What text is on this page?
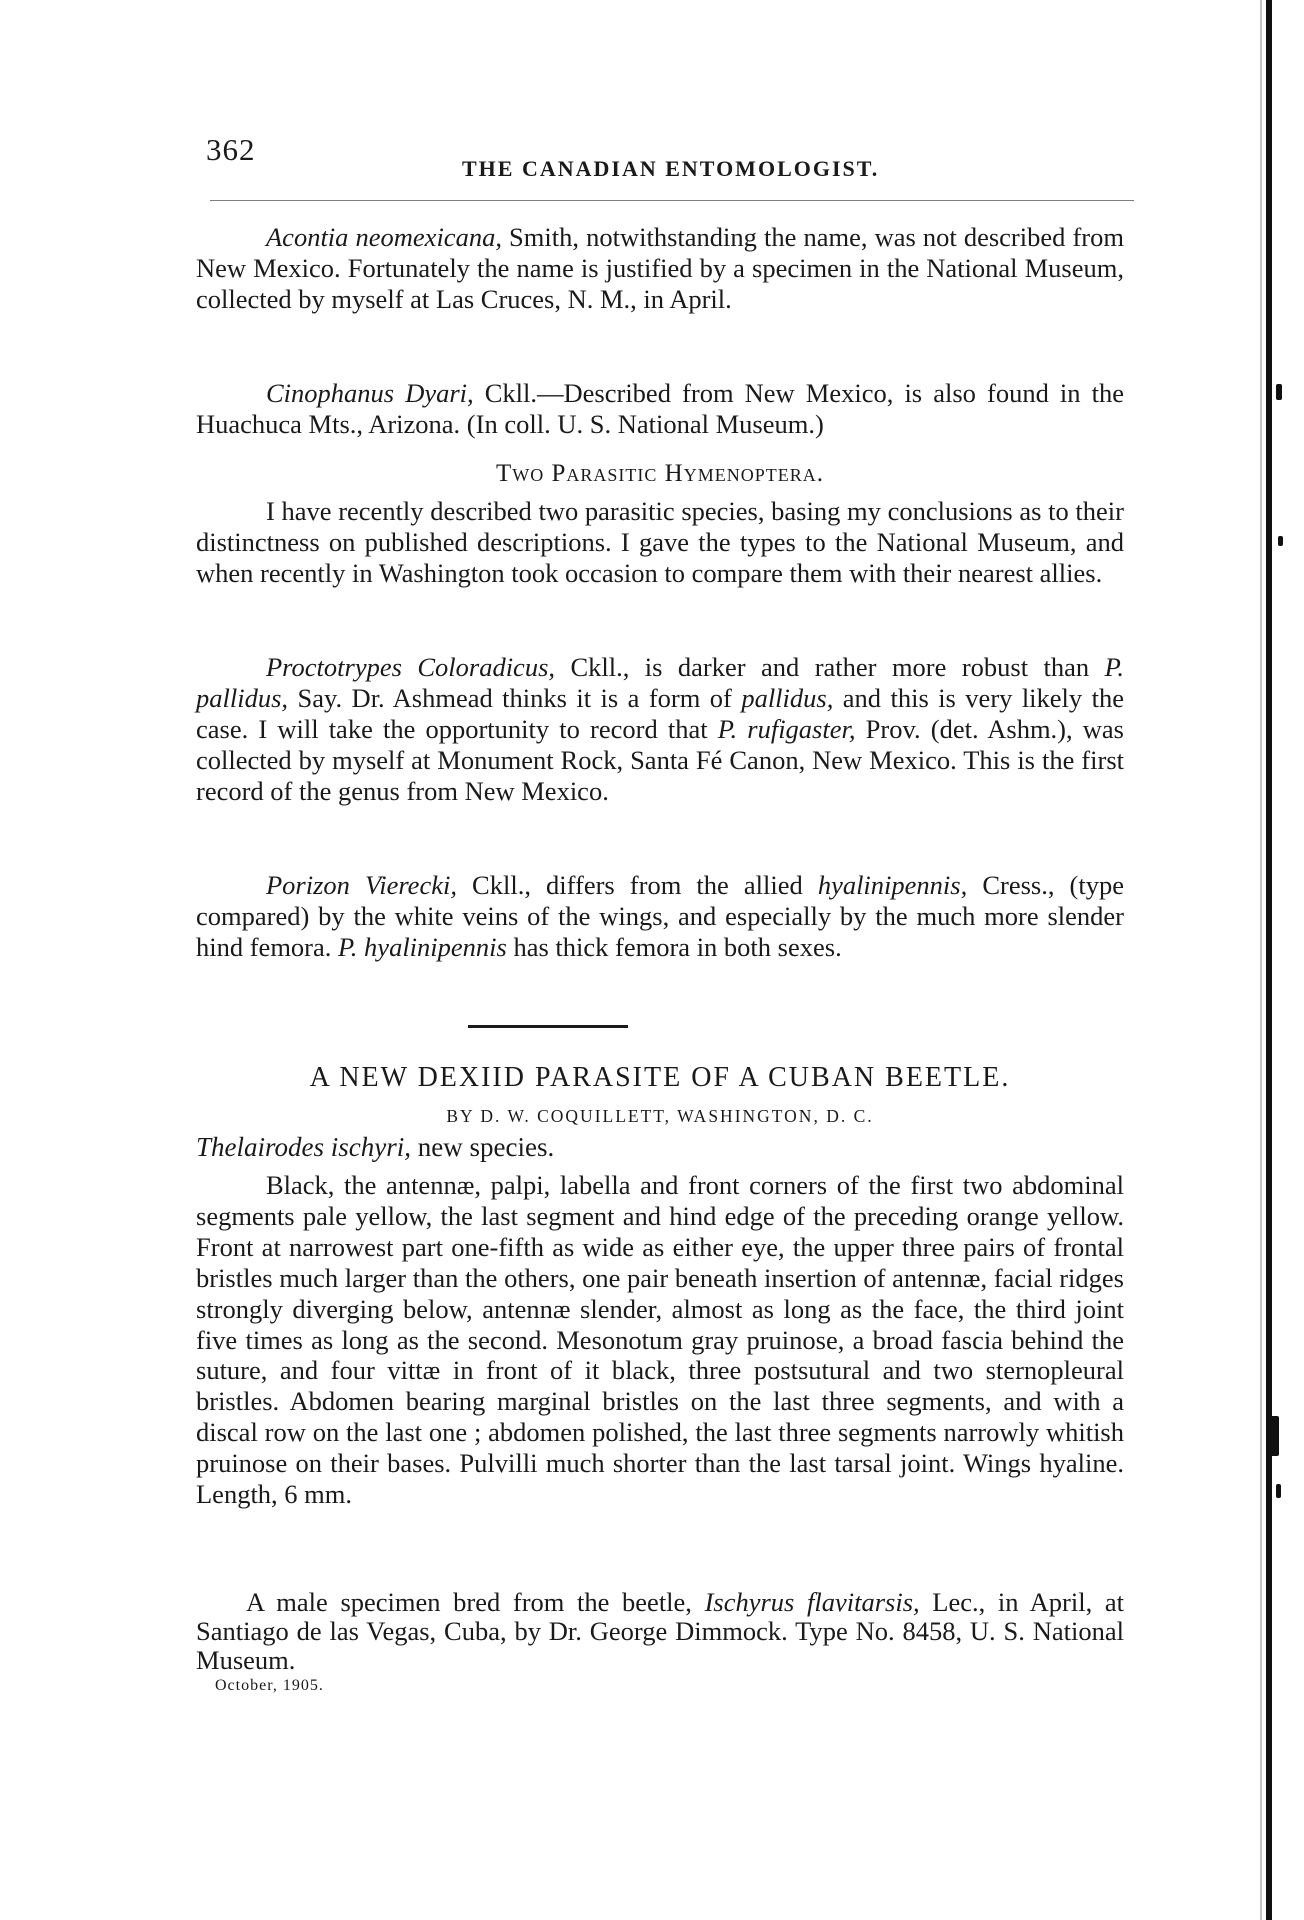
362
THE CANADIAN ENTOMOLOGIST.

Acontia neomexicana, Smith, notwithstanding the name, was not described from New Mexico. Fortunately the name is justified by a specimen in the National Museum, collected by myself at Las Cruces, N. M., in April.

Cinophanus Dyari, Ckll.—Described from New Mexico, is also found in the Huachuca Mts., Arizona. (In coll. U. S. National Museum.)

Two Parasitic Hymenoptera.

I have recently described two parasitic species, basing my conclusions as to their distinctness on published descriptions. I gave the types to the National Museum, and when recently in Washington took occasion to compare them with their nearest allies.

Proctotrypes Coloradicus, Ckll., is darker and rather more robust than P. pallidus, Say. Dr. Ashmead thinks it is a form of pallidus, and this is very likely the case. I will take the opportunity to record that P. rufigaster, Prov. (det. Ashm.), was collected by myself at Monument Rock, Santa Fé Canon, New Mexico. This is the first record of the genus from New Mexico.

Porizon Vierecki, Ckll., differs from the allied hyalinipennis, Cress., (type compared) by the white veins of the wings, and especially by the much more slender hind femora. P. hyalinipennis has thick femora in both sexes.

A NEW DEXIID PARASITE OF A CUBAN BEETLE.

BY D. W. COQUILLETT, WASHINGTON, D. C.

Thelairodes ischyri, new species.

Black, the antennæ, palpi, labella and front corners of the first two abdominal segments pale yellow, the last segment and hind edge of the preceding orange yellow. Front at narrowest part one-fifth as wide as either eye, the upper three pairs of frontal bristles much larger than the others, one pair beneath insertion of antennæ, facial ridges strongly diverging below, antennæ slender, almost as long as the face, the third joint five times as long as the second. Mesonotum gray pruinose, a broad fascia behind the suture, and four vittæ in front of it black, three postsutural and two sternopleural bristles. Abdomen bearing marginal bristles on the last three segments, and with a discal row on the last one ; abdomen polished, the last three segments narrowly whitish pruinose on their bases. Pulvilli much shorter than the last tarsal joint. Wings hyaline. Length, 6 mm.

A male specimen bred from the beetle, Ischyrus flavitarsis, Lec., in April, at Santiago de las Vegas, Cuba, by Dr. George Dimmock. Type No. 8458, U. S. National Museum.

October, 1905.
